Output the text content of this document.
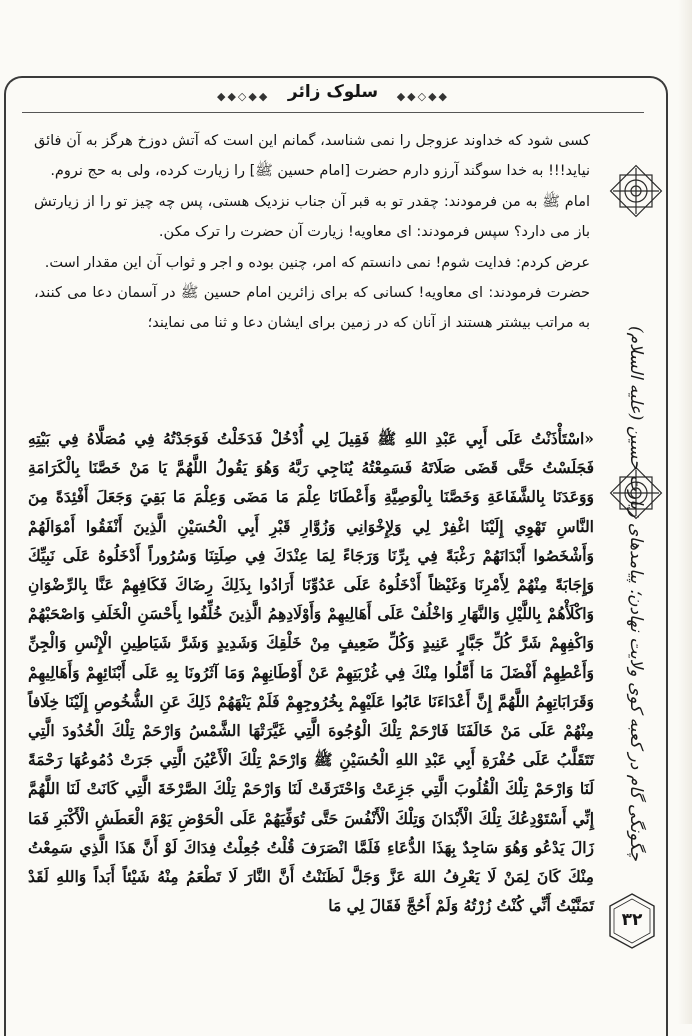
◆◆◇◆◆	سلوک زائر	◆◆◇◆◆

کسی شود که خداوند عزوجل را نمی شناسد، گمانم این است که آتش دوزخ هرگز به آن فائق نیاید!!! به خدا سوگند آرزو دارم حضرت [امام حسین ﷺ] را زیارت کرده، ولی به حج نروم.

امام ﷺ به من فرمودند: چقدر تو به قبر آن جناب نزدیک هستی، پس چه چیز تو را از زیارتش باز می دارد؟ سپس فرمودند: ای معاویه! زیارت آن حضرت را ترک مکن.

عرض کردم: فدایت شوم! نمی دانستم که امر، چنین بوده و اجر و ثواب آن این مقدار است.

حضرت فرمودند: ای معاویه! کسانی که برای زائرین امام حسین ﷺ در آسمان دعا می کنند، به مراتب بیشتر هستند از آنان که در زمین برای ایشان دعا و ثنا می نمایند؛

«اسْتَأْذَنْتُ عَلَى أَبِي عَبْدِ اللهِ ﷺ فَقِيلَ لِي أُدْخُلْ فَدَخَلْتُ فَوَجَدْتُهُ فِي مُصَلَّاهُ فِي بَيْتِهِ فَجَلَسْتُ حَتَّى قَضَى صَلَاتَهُ فَسَمِعْتُهُ يُنَاجِي رَبَّهُ وَهُوَ يَقُولُ اللَّهُمَّ يَا مَنْ خَصَّنَا بِالْكَرَامَةِ وَوَعَدَنَا بِالشَّفَاعَةِ وَخَصَّنَا بِالْوَصِيَّةِ وَأَعْطَانَا عِلْمَ مَا مَضَى وَعِلْمَ مَا بَقِيَ وَجَعَلَ أَفْئِدَةً مِنَ النَّاسِ تَهْوِي إِلَيْنَا اغْفِرْ لِي وَلِإِخْوَانِي وَزُوَّارِ قَبْرِ أَبِي الْحُسَيْنِ الَّذِينَ أَنْفَقُوا أَمْوَالَهُمْ وَأَشْخَصُوا أَبْدَانَهُمْ رَغْبَةً فِي بِرِّنَا وَرَجَاءً لِمَا عِنْدَكَ فِي صِلَتِنَا وَسُرُوراً أَدْخَلُوهُ عَلَى نَبِيِّكَ وَإِجَابَةً مِنْهُمْ لِأَمْرِنَا وَغَيْظاً أَدْخَلُوهُ عَلَى عَدُوِّنَا أَرَادُوا بِذَلِكَ رِضَاكَ فَكَافِهِمْ عَنَّا بِالرِّضْوَانِ وَاكْلَأْهُمْ بِاللَّيْلِ وَالنَّهَارِ وَاخْلُفْ عَلَى أَهَالِيهِمْ وَأَوْلَادِهِمُ الَّذِينَ خُلِّفُوا بِأَحْسَنِ الْخَلَفِ وَاصْحَبْهُمْ وَاكْفِهِمْ شَرَّ كُلِّ جَبَّارٍ عَنِيدٍ وَكُلِّ ضَعِيفٍ مِنْ خَلْقِكَ وَشَدِيدٍ وَشَرَّ شَيَاطِينِ الْإِنْسِ وَالْجِنِّ وَأَعْطِهِمْ أَفْضَلَ مَا أَمَّلُوا مِنْكَ فِي غُرْبَتِهِمْ عَنْ أَوْطَانِهِمْ وَمَا آثَرُونَا بِهِ عَلَى أَبْنَائِهِمْ وَأَهَالِيهِمْ وَقَرَابَاتِهِمُ اللَّهُمَّ إِنَّ أَعْدَاءَنَا عَابُوا عَلَيْهِمْ بِخُرُوجِهِمْ فَلَمْ يَنْهَهُمْ ذَلِكَ عَنِ الشُّخُوصِ إِلَيْنَا خِلَافاً مِنْهُمْ عَلَى مَنْ خَالَفَنَا فَارْحَمْ تِلْكَ الْوُجُوهَ الَّتِي غَيَّرَتْهَا الشَّمْسُ وَارْحَمْ تِلْكَ الْخُدُودَ الَّتِي تَتَقَلَّبُ عَلَى حُفْرَةِ أَبِي عَبْدِ اللهِ الْحُسَيْنِ ﷺ وَارْحَمْ تِلْكَ الْأَعْيُنَ الَّتِي جَرَتْ دُمُوعُهَا رَحْمَةً لَنَا وَارْحَمْ تِلْكَ الْقُلُوبَ الَّتِي جَزِعَتْ وَاحْتَرَقَتْ لَنَا وَارْحَمْ تِلْكَ الصَّرْخَةَ الَّتِي كَانَتْ لَنَا اللَّهُمَّ إِنِّي أَسْتَوْدِعُكَ تِلْكَ الْأَبْدَانَ وَتِلْكَ الْأَنْفُسَ حَتَّى تُوَفِّيَهُمْ عَلَى الْحَوْضِ يَوْمَ الْعَطَشِ الْأَكْبَرِ فَمَا زَالَ يَدْعُو وَهُوَ سَاجِدٌ بِهَذَا الدُّعَاءِ فَلَمَّا انْصَرَفَ قُلْتُ جُعِلْتُ فِدَاكَ لَوْ أَنَّ هَذَا الَّذِي سَمِعْتُ مِنْكَ كَانَ لِمَنْ لَا يَعْرِفُ اللهَ عَزَّ وَجَلَّ لَظَنَنْتُ أَنَّ النَّارَ لَا تَطْعَمُ مِنْهُ شَيْئاً أَبَداً وَاللهِ لَقَدْ تَمَنَّيْتُ أَنِّي كُنْتُ زُرْتُهُ وَلَمْ أَحُجَّ فَقَالَ لِي مَا

چگونگی گام در کعبه کوی ولایت نهادن؛ پیامدهای زیارت حسین (علیه السلام)
۳۲
